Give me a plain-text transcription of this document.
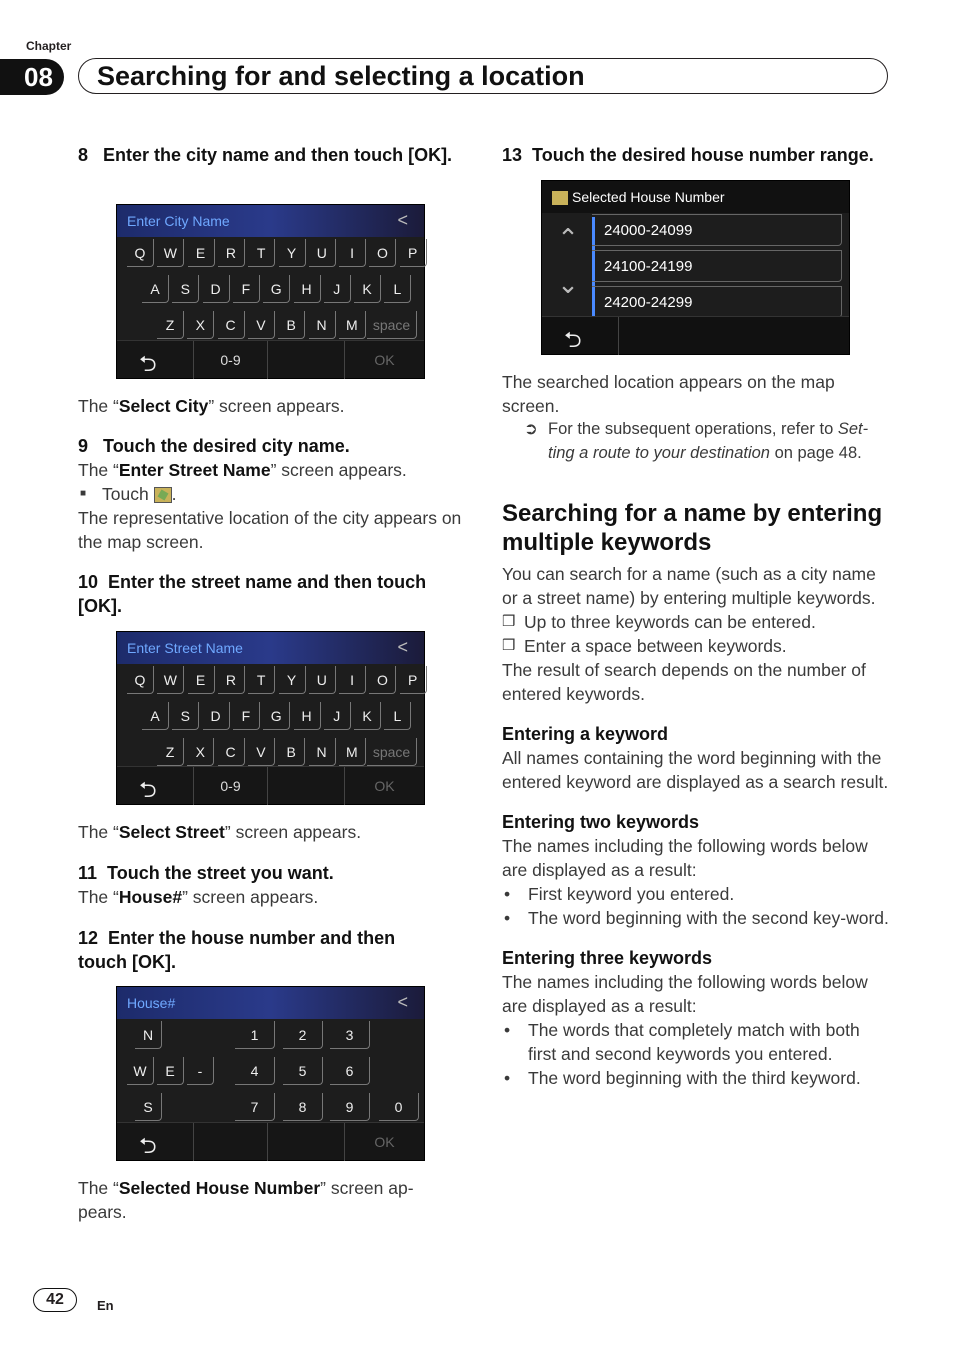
Chapter
08	Searching for and selecting a location
8 Enter the city name and then touch [OK].
Enter City Name	<
Q	W	E	R	T	Y	U	I	O	P
A	S	D	F	G	H	J	K	L
Z	X	C	V	B	N	M	space
⮌	0-9	OK
The “Select City” screen appears.
9 Touch the desired city name.
The “Enter Street Name” screen appears.
■ Touch .
The representative location of the city appears on the map screen.
10 Enter the street name and then touch [OK].
Enter Street Name	<
Q	W	E	R	T	Y	U	I	O	P
A	S	D	F	G	H	J	K	L
Z	X	C	V	B	N	M	space
⮌	0-9	OK
The “Select Street” screen appears.
11 Touch the street you want.
The “House#” screen appears.
12 Enter the house number and then touch [OK].
House#	<
N
W	E	-
S
1	2	3
4	5	6
7	8	9	0
⮌	OK
The “Selected House Number” screen ap-pears.
13 Touch the desired house number range.
Selected House Number
⌃
⌄
24000-24099
24100-24199
24200-24299
⮌
The searched location appears on the map screen.
➲ For the subsequent operations, refer to Set-ting a route to your destination on page 48.
Searching for a name by entering multiple keywords
You can search for a name (such as a city name or a street name) by entering multiple keywords.
❒ Up to three keywords can be entered.
❒ Enter a space between keywords.
The result of search depends on the number of entered keywords.
Entering a keyword
All names containing the word beginning with the entered keyword are displayed as a search result.
Entering two keywords
The names including the following words below are displayed as a result:
• First keyword you entered.
• The word beginning with the second key-word.
Entering three keywords
The names including the following words below are displayed as a result:
• The words that completely match with both first and second keywords you entered.
• The word beginning with the third keyword.
42	En
